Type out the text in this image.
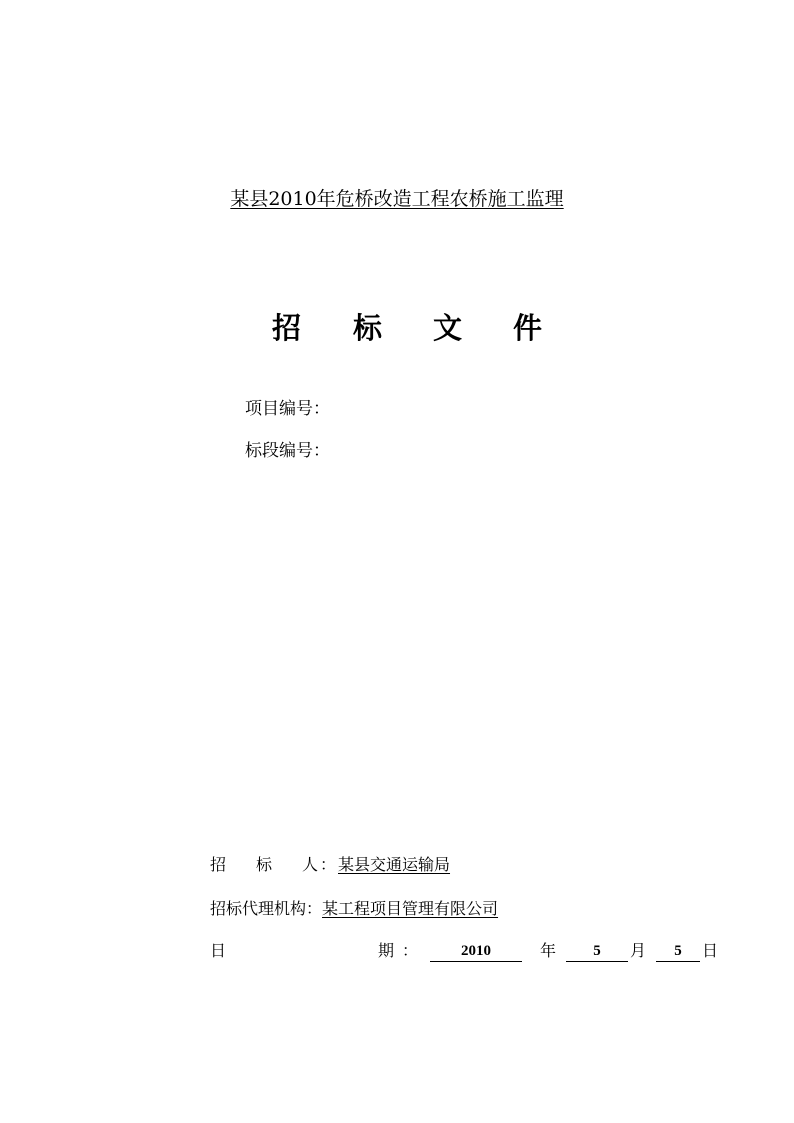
某县2010年危桥改造工程农桥施工监理
招 标 文 件
项目编号：
标段编号：
招 标 人 ： 某县交通运输局
招标代理机构：某工程项目管理有限公司
日	期 ：	2010	年	5	月	5	日
